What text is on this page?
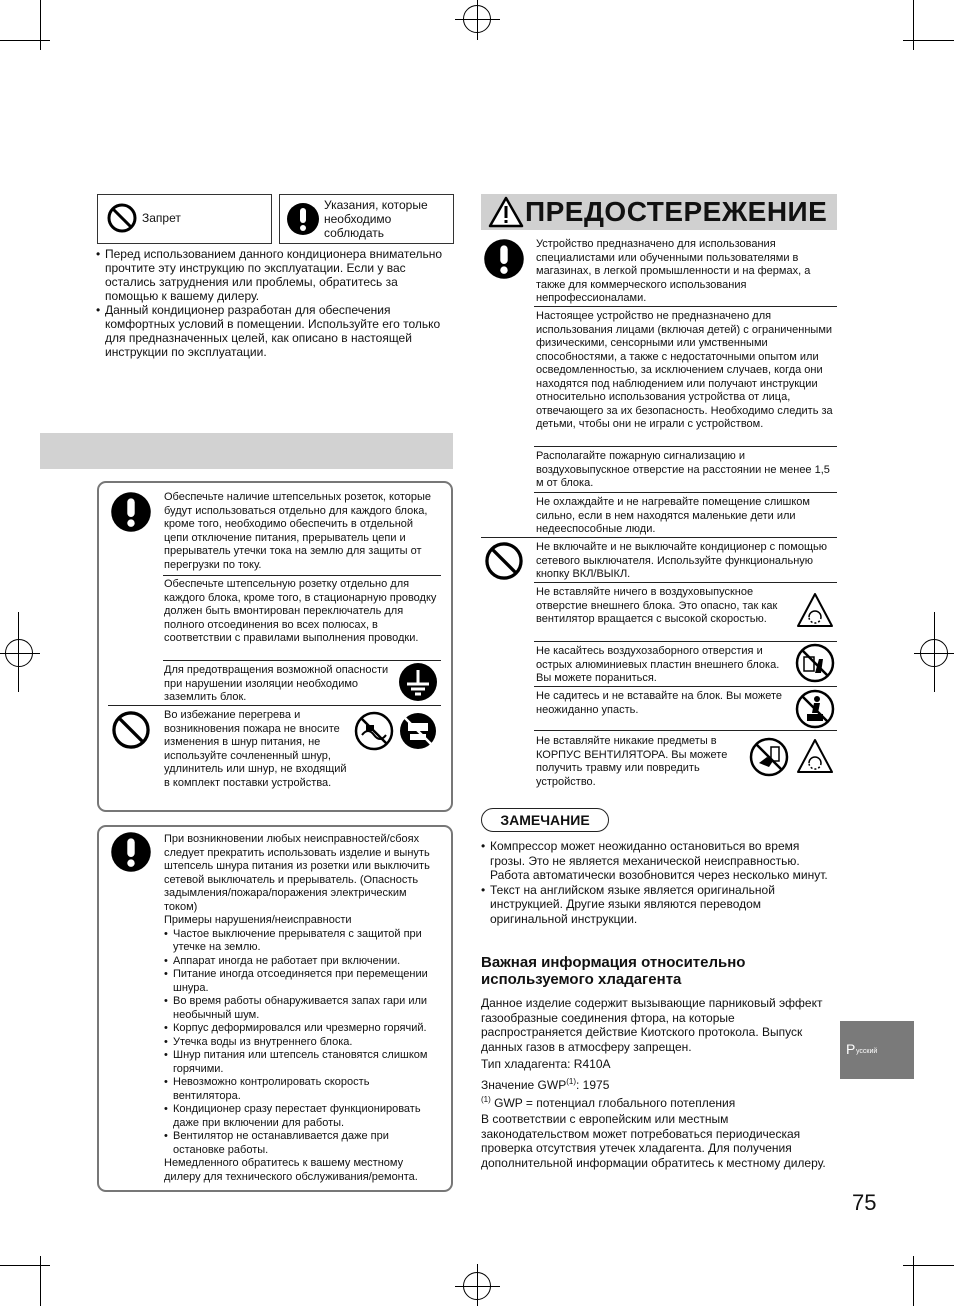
Запрет
Указания, которые необходимо соблюдать
• Перед использованием данного кондиционера внимательно прочтите эту инструкцию по эксплуатации. Если у вас остались затруднения или проблемы, обратитесь за помощью к вашему дилеру.
• Данный кондиционер разработан для обеспечения комфортных условий в помещении. Используйте его только для предназначенных целей, как описано в настоящей инструкции по эксплуатации.
Обеспечьте наличие штепсельных розеток, которые будут использоваться отдельно для каждого блока, кроме того, необходимо обеспечить в отдельной цепи отключение питания, прерыватель цепи и прерыватель утечки тока на землю для защиты от перегрузки по току.
Обеспечьте штепсельную розетку отдельно для каждого блока, кроме того, в стационарную проводку должен быть вмонтирован переключатель для полного отсоединения во всех полюсах, в соответствии с правилами выполнения проводки.
Для предотвращения возможной опасности при нарушении изоляции необходимо заземлить блок.
Во избежание перегрева и возникновения пожара не вносите изменения в шнур питания, не используйте сочлененный шнур, удлинитель или шнур, не входящий в комплект поставки устройства.
При возникновении любых неисправностей/сбоях следует прекратить использовать изделие и вынуть штепсель шнура питания из розетки или выключить сетевой выключатель и прерыватель. (Опасность задымления/пожара/поражения электрическим током)
Примеры нарушения/неисправности
• Частое выключение прерывателя с защитой при утечке на землю.
• Аппарат иногда не работает при включении.
• Питание иногда отсоединяется при перемещении шнура.
• Во время работы обнаруживается запах гари или необычный шум.
• Корпус деформировался или чрезмерно горячий.
• Утечка воды из внутреннего блока.
• Шнур питания или штепсель становятся слишком горячими.
• Невозможно контролировать скорость вентилятора.
• Кондиционер сразу перестает функционировать даже при включении для работы.
• Вентилятор не останавливается даже при остановке работы.
Немедленного обратитесь к вашему местному дилеру для технического обслуживания/ремонта.
ПРЕДОСТЕРЕЖЕНИЕ
Устройство предназначено для использования специалистами или обученными пользователями в магазинах, в легкой промышленности и на фермах, а также для коммерческого использования непрофессионалами.
Настоящее устройство не предназначено для использования лицами (включая детей) с ограниченными физическими, сенсорными или умственными способностями, а также с недостаточными опытом или осведомленностью, за исключением случаев, когда они находятся под наблюдением или получают инструкции относительно использования устройства от лица, отвечающего за их безопасность. Необходимо следить за детьми, чтобы они не играли с устройством.
Располагайте пожарную сигнализацию и воздуховыпускное отверстие на расстоянии не менее 1,5 м от блока.
Не охлаждайте и не нагревайте помещение слишком сильно, если в нем находятся маленькие дети или недееспособные люди.
Не включайте и не выключайте кондиционер с помощью сетевого выключателя. Используйте функциональную кнопку ВКЛ/ВЫКЛ.
Не вставляйте ничего в воздуховыпускное отверстие внешнего блока. Это опасно, так как вентилятор вращается с высокой скоростью.
Не касайтесь воздухозаборного отверстия и острых алюминиевых пластин внешнего блока. Вы можете пораниться.
Не садитесь и не вставайте на блок. Вы можете неожиданно упасть.
Не вставляйте никакие предметы в КОРПУС ВЕНТИЛЯТОРА. Вы можете получить травму или повредить устройство.
ЗАМЕЧАНИЕ
• Компрессор может неожиданно остановиться во время грозы. Это не является механической неисправностью. Работа автоматически возобновится через несколько минут.
• Текст на английском языке является оригинальной инструкцией. Другие языки являются переводом оригинальной инструкции.
Важная информация относительно используемого хладагента
Данное изделие содержит вызывающие парниковый эффект газообразные соединения фтора, на которые распространяется действие Киотского протокола. Выпуск данных газов в атмосферу запрещен.
Тип хладагента: R410A
Значение GWP$^{(1)}$: 1975
$^{(1)}$ GWP = потенциал глобального потепления
В соответствии с европейским или местным законодательством может потребоваться периодическая проверка отсутствия утечек хладагента. Для получения дополнительной информации обратитесь к местному дилеру.
Р усский
75
